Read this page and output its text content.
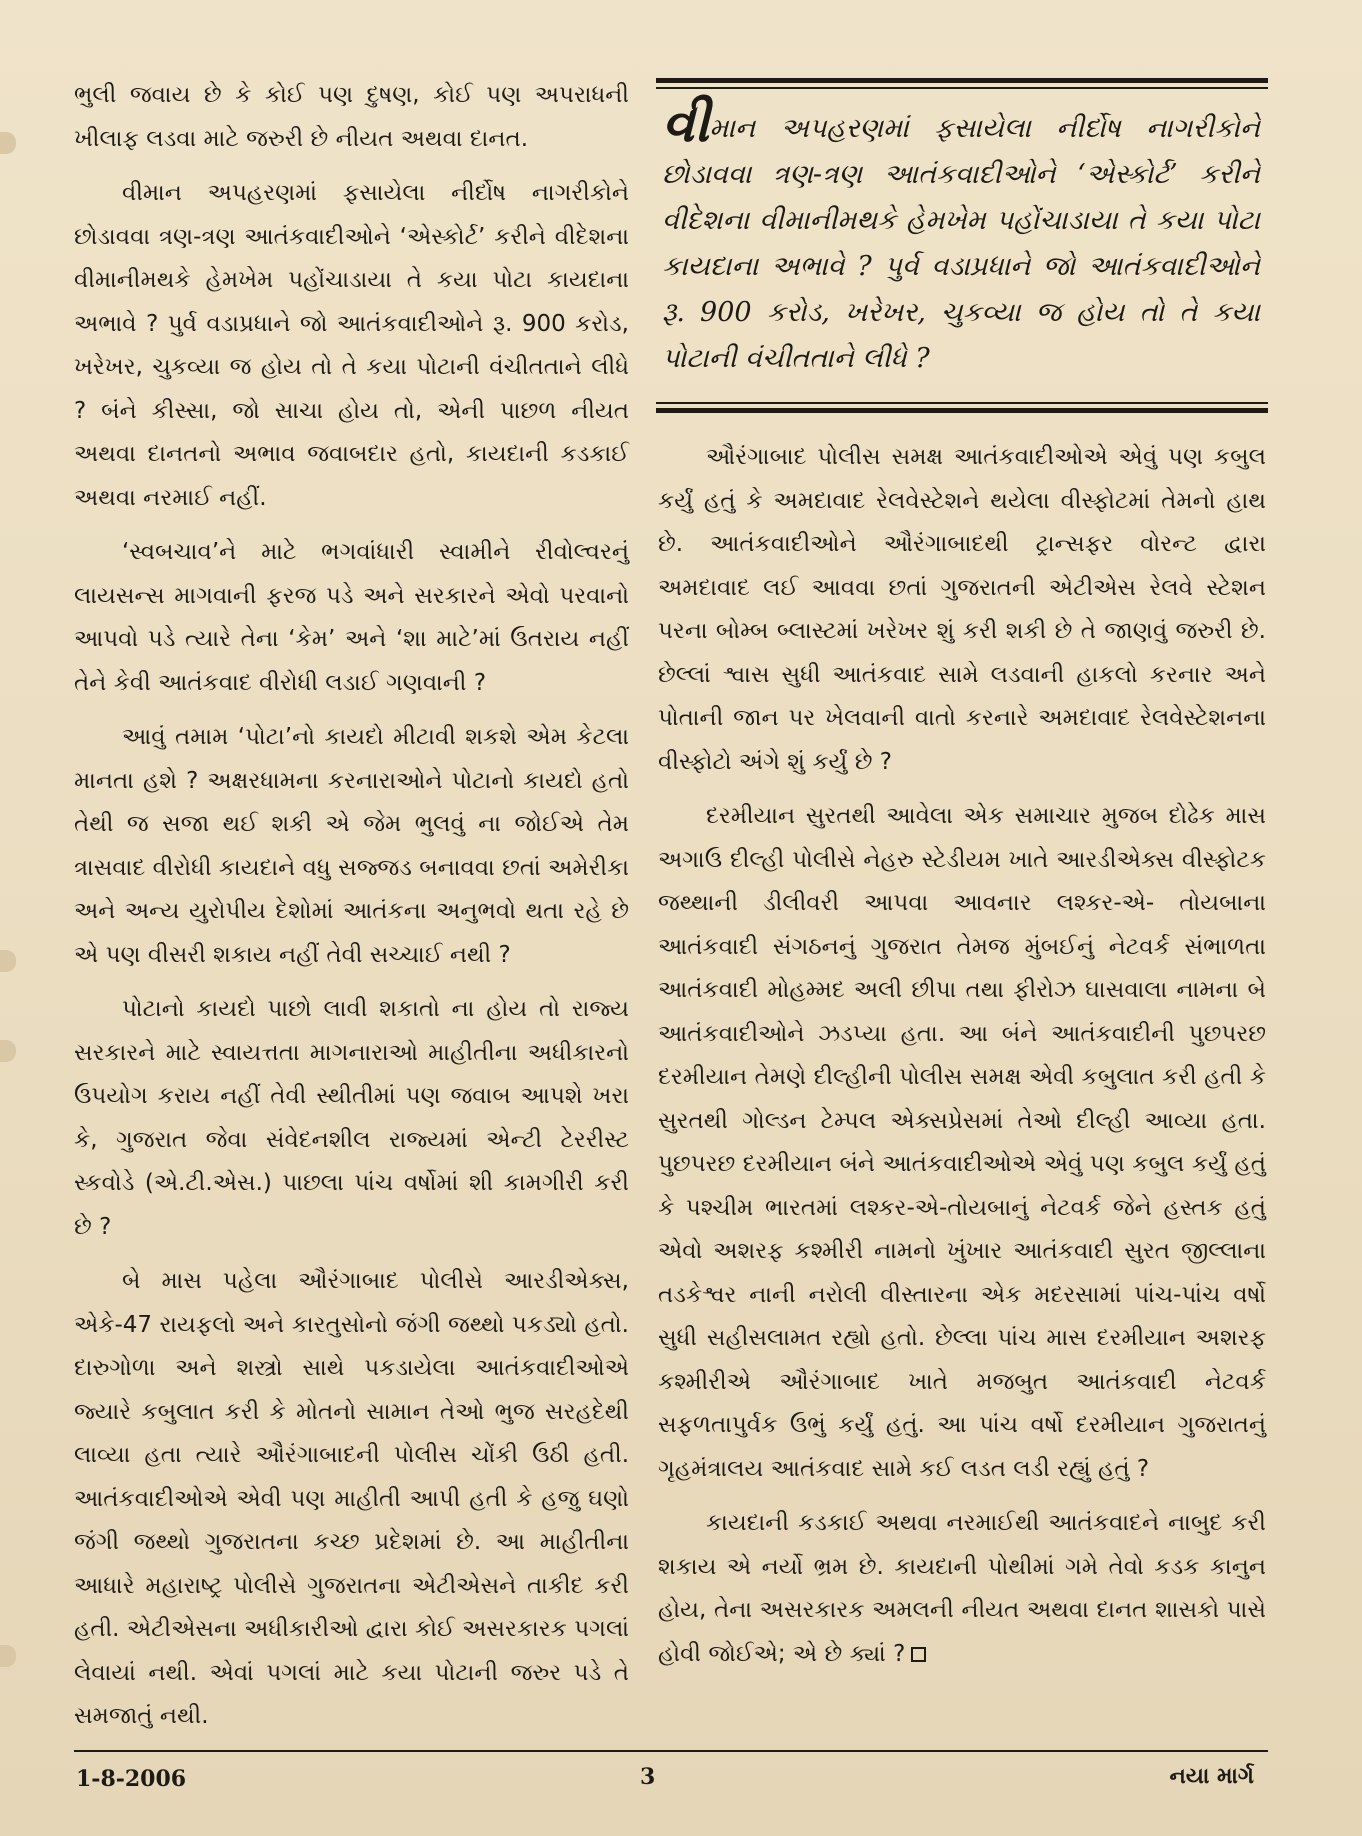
ભુલી જવાય છે કે કોઈ પણ દુષણ, કોઈ પણ અપરાધની ખીલાફ લડવા માટે જરુરી છે નીયત અથવા દાનત.

વીમાન અપહરણમાં ફસાયેલા નીર્દોષ નાગરીકોને છોડાવવા ત્રણ-ત્રણ આતંકવાદીઓને ‘એસ્કોર્ટ’ કરીને વીદેશના વીમાનીમથકે હેમખેમ પહોંચાડાયા તે કયા પોટા કાયદાના અભાવે ? પુર્વ વડાપ્રધાને જો આતંકવાદીઓને રૂ. 900 કરોડ, ખરેખર, ચુકવ્યા જ હોય તો તે કયા પોટાની વંચીતતાને લીધે ? બંને કીસ્સા, જો સાચા હોય તો, એની પાછળ નીયત અથવા દાનતનો અભાવ જવાબદાર હતો, કાયદાની કડકાઈ અથવા નરમાઈ નહીં.

‘સ્વબચાવ’ને માટે ભગવાંધારી સ્વામીને રીવોલ્વરનું લાયસન્સ માગવાની ફરજ પડે અને સરકારને એવો પરવાનો આપવો પડે ત્યારે તેના ‘કેમ’ અને ‘શા માટે’માં ઉતરાય નહીં તેને કેવી આતંકવાદ વીરોધી લડાઈ ગણવાની ?

આવું તમામ ‘પોટા’નો કાયદો મીટાવી શકશે એમ કેટલા માનતા હશે ? અક્ષરધામના કરનારાઓને પોટાનો કાયદો હતો તેથી જ સજા થઈ શકી એ જેમ ભુલવું ના જોઈએ તેમ ત્રાસવાદ વીરોધી કાયદાને વધુ સજ્જડ બનાવવા છતાં અમેરીકા અને અન્ય યુરોપીય દેશોમાં આતંકના અનુભવો થતા રહે છે એ પણ વીસરી શકાય નહીં તેવી સચ્ચાઈ નથી ?

પોટાનો કાયદો પાછો લાવી શકાતો ના હોય તો રાજ્ય સરકારને માટે સ્વાયત્તતા માગનારાઓ માહીતીના અધીકારનો ઉપયોગ કરાય નહીં તેવી સ્થીતીમાં પણ જવાબ આપશે ખરા કે, ગુજરાત જેવા સંવેદનશીલ રાજ્યમાં એન્ટી ટેરરીસ્ટ સ્કવોડે (એ.ટી.એસ.) પાછલા પાંચ વર્ષોમાં શી કામગીરી કરી છે ?

બે માસ પહેલા ઔરંગાબાદ પોલીસે આરડીએક્સ, એકે-47 રાયફલો અને કારતુસોનો જંગી જથ્થો પકડ્યો હતો. દારુગોળા અને શસ્ત્રો સાથે પકડાયેલા આતંકવાદીઓએ જ્યારે કબુલાત કરી કે મોતનો સામાન તેઓ ભુજ સરહદેથી લાવ્યા હતા ત્યારે ઔરંગાબાદની પોલીસ ચોંકી ઉઠી હતી. આતંકવાદીઓએ એવી પણ માહીતી આપી હતી કે હજુ ઘણો જંગી જથ્થો ગુજરાતના કચ્છ પ્રદેશમાં છે. આ માહીતીના આધારે મહારાષ્ટ્ર પોલીસે ગુજરાતના એટીએસને તાકીદ કરી હતી. એટીએસના અધીકારીઓ દ્વારા કોઈ અસરકારક પગલાં લેવાયાં નથી. એવાં પગલાં માટે કયા પોટાની જરુર પડે તે સમજાતું નથી.

વીમાન અપહરણમાં ફસાયેલા નીર્દોષ નાગરીકોને છોડાવવા ત્રણ-ત્રણ આતંકવાદીઓને ‘એસ્કોર્ટ’ કરીને વીદેશના વીમાનીમથકે હેમખેમ પહોંચાડાયા તે કયા પોટા કાયદાના અભાવે ? પુર્વ વડાપ્રધાને જો આતંકવાદીઓને રૂ. 900 કરોડ, ખરેખર, ચુકવ્યા જ હોય તો તે કયા પોટાની વંચીતતાને લીધે ?

ઔરંગાબાદ પોલીસ સમક્ષ આતંકવાદીઓએ એવું પણ કબુલ કર્યું હતું કે અમદાવાદ રેલવેસ્ટેશને થયેલા વીસ્ફોટમાં તેમનો હાથ છે. આતંકવાદીઓને ઔરંગાબાદથી ટ્રાન્સફર વોરન્ટ દ્વારા અમદાવાદ લઈ આવવા છતાં ગુજરાતની એટીએસ રેલવે સ્ટેશન પરના બોમ્બ બ્લાસ્ટમાં ખરેખર શું કરી શકી છે તે જાણવું જરુરી છે. છેલ્લાં શ્વાસ સુધી આતંકવાદ સામે લડવાની હાકલો કરનાર અને પોતાની જાન પર ખેલવાની વાતો કરનારે અમદાવાદ રેલવેસ્ટેશનના વીસ્ફોટો અંગે શું કર્યું છે ?

દરમીયાન સુરતથી આવેલા એક સમાચાર મુજબ દોઢેક માસ અગાઉ દીલ્હી પોલીસે નેહરુ સ્ટેડીયમ ખાતે આરડીએક્સ વીસ્ફોટક જથ્થાની ડીલીવરી આપવા આવનાર લશ્કર-એ- તોયબાના આતંકવાદી સંગઠનનું ગુજરાત તેમજ મુંબઈનું નેટવર્ક સંભાળતા આતંકવાદી મોહમ્મદ અલી છીપા તથા ફીરોઝ ઘાસવાલા નામના બે આતંકવાદીઓને ઝડપ્યા હતા. આ બંને આતંકવાદીની પુછપરછ દરમીયાન તેમણે દીલ્હીની પોલીસ સમક્ષ એવી કબુલાત કરી હતી કે સુરતથી ગોલ્ડન ટેમ્પલ એક્સપ્રેસમાં તેઓ દીલ્હી આવ્યા હતા. પુછપરછ દરમીયાન બંને આતંકવાદીઓએ એવું પણ કબુલ કર્યું હતું કે પશ્ચીમ ભારતમાં લશ્કર-એ-તોયબાનું નેટવર્ક જેને હસ્તક હતું એવો અશરફ કશ્મીરી નામનો ખુંખાર આતંકવાદી સુરત જીલ્લાના તડકેશ્વર નાની નરોલી વીસ્તારના એક મદરસામાં પાંચ-પાંચ વર્ષો સુધી સહીસલામત રહ્યો હતો. છેલ્લા પાંચ માસ દરમીયાન અશરફ કશ્મીરીએ ઔરંગાબાદ ખાતે મજબુત આતંકવાદી નેટવર્ક સફળતાપુર્વક ઉભું કર્યું હતું. આ પાંચ વર્ષો દરમીયાન ગુજરાતનું ગૃહમંત્રાલય આતંકવાદ સામે કઈ લડત લડી રહ્યું હતું ?

કાયદાની કડકાઈ અથવા નરમાઈથી આતંકવાદને નાબુદ કરી શકાય એ નર્યો ભ્રમ છે. કાયદાની પોથીમાં ગમે તેવો કડક કાનુન હોય, તેના અસરકારક અમલની નીયત અથવા દાનત શાસકો પાસે હોવી જોઈએ; એ છે ક્યાં ?

1-8-2006	3	નયા માર્ગ
